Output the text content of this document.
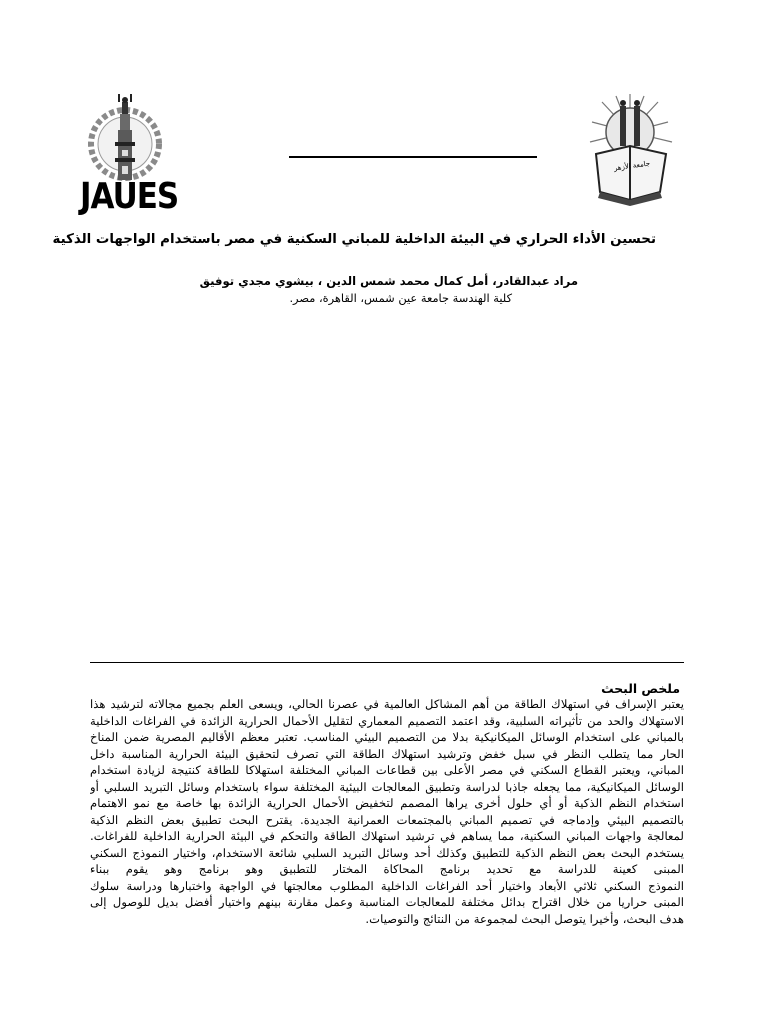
JAUES
جامعة الأزهر
تحسين الأداء الحراري في البيئة الداخلية للمباني السكنية في مصر باستخدام الواجهات الذكية
مراد عبدالقادر، أمل كمال محمد شمس الدين ، بيشوي مجدي توفيق
كلية الهندسة جامعة عين شمس، القاهرة، مصر.
ملخص البحث
يعتبر الإسراف في استهلاك الطاقة من أهم المشاكل العالمية في عصرنا الحالي، ويسعى العلم بجميع مجالاته لترشيد هذا
الاستهلاك والحد من تأثيراته السلبية، وقد اعتمد التصميم المعماري لتقليل الأحمال الحرارية الزائدة في الفراغات الداخلية
بالمباني على استخدام الوسائل الميكانيكية بدلا من التصميم البيئي المناسب. تعتبر معظم الأقاليم المصرية ضمن المناخ
الحار مما يتطلب النظر في سبل خفض وترشيد استهلاك الطاقة التي تصرف لتحقيق البيئة الحرارية المناسبة داخل
المباني، ويعتبر القطاع السكني في مصر الأعلى بين قطاعات المباني المختلفة استهلاكا للطاقة كنتيجة لزيادة استخدام
الوسائل الميكانيكية، مما يجعله جاذبا لدراسة وتطبيق المعالجات البيئية المختلفة سواء باستخدام وسائل التبريد السلبي أو
استخدام النظم الذكية أو أي حلول أخرى يراها المصمم لتخفيض الأحمال الحرارية الزائدة بها خاصة مع نمو الاهتمام
بالتصميم البيئي وإدماجه في تصميم المباني بالمجتمعات العمرانية الجديدة. يقترح البحث تطبيق بعض النظم الذكية
لمعالجة واجهات المباني السكنية، مما يساهم في ترشيد استهلاك الطاقة والتحكم في البيئة الحرارية الداخلية للفراغات.
يستخدم البحث بعض النظم الذكية للتطبيق وكذلك أحد وسائل التبريد السلبي شائعة الاستخدام، واختيار النموذج السكني
المبنى كعينة للدراسة مع تحديد برنامج المحاكاة المختار للتطبيق وهو برنامج وهو يقوم ببناء
النموذج السكني ثلاثي الأبعاد واختيار أحد الفراغات الداخلية المطلوب معالجتها في الواجهة واختبارها ودراسة سلوك
المبنى حراريا من خلال اقتراح بدائل مختلفة للمعالجات المناسبة وعمل مقارنة بينهم واختيار أفضل بديل للوصول إلى
هدف البحث، وأخيرا يتوصل البحث لمجموعة من النتائج والتوصيات.
